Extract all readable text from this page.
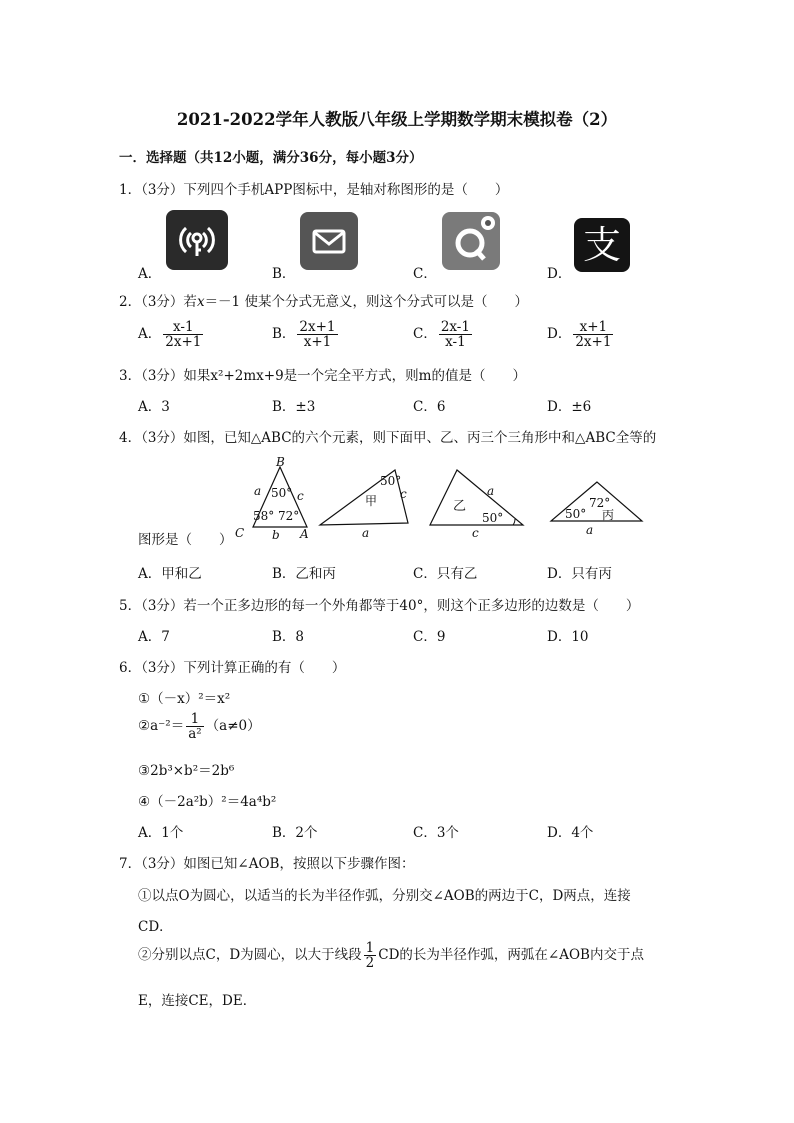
2021-2022学年人教版八年级上学期数学期末模拟卷（2）
一．选择题（共12小题，满分36分，每小题3分）
1．（3分）下列四个手机APP图标中，是轴对称图形的是（　　）
A．	B．	C．	D．
支
2．（3分）若x＝－1 使某个分式无意义，则这个分式可以是（　　）
A． $\frac{x-1}{2x+1}$	B． $\frac{2x+1}{x+1}$	C． $\frac{2x-1}{x-1}$	D． $\frac{x+1}{2x+1}$
3．（3分）如果x²+2mx+9是一个完全平方式，则m的值是（　　）
A．3	B．±3	C．6	D．±6
4．（3分）如图，已知△ABC的六个元素，则下面甲、乙、丙三个三角形中和△ABC全等的
B
C	A
a	c
b
50°
58° 72°
50°
甲 c
a
乙
a
50°
c
72°
50° 丙
a
图形是（　　）
A．甲和乙	B．乙和丙	C．只有乙	D．只有丙
5．（3分）若一个正多边形的每一个外角都等于40°，则这个正多边形的边数是（　　）
A．7	B．8	C．9	D．10
6．（3分）下列计算正确的有（　　）
①（－x）²＝x²
②a⁻²＝ $\frac{1}{\text{a²}} (a\ne 0)$
③2b³×b²＝2b⁶
④（－2a²b）²＝4a⁴b²
A．1个	B．2个	C．3个	D．4个
7．（3分）如图已知∠AOB，按照以下步骤作图：
①以点O为圆心，以适当的长为半径作弧，分别交∠AOB的两边于C，D两点，连接
CD．
②分别以点C，D为圆心，以大于线段 $\frac{1}{2}$ CD的长为半径作弧，两弧在∠AOB内交于点
E，连接CE，DE．
